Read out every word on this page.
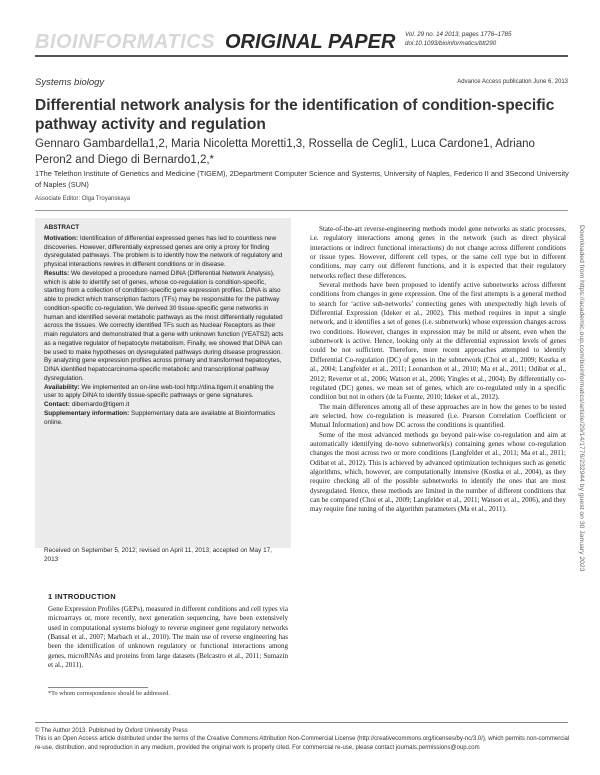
BIOINFORMATICS ORIGINAL PAPER Vol. 29 no. 14 2013, pages 1776–1785
doi:10.1093/bioinformatics/btt290
Systems biology	Advance Access publication June 6, 2013
Differential network analysis for the identification of condition-specific pathway activity and regulation
Gennaro Gambardella1,2, Maria Nicoletta Moretti1,3, Rossella de Cegli1, Luca Cardone1, Adriano Peron2 and Diego di Bernardo1,2,*
1The Telethon Institute of Genetics and Medicine (TIGEM), 2Department Computer Science and Systems, University of Naples, Federico II and 3Second University of Naples (SUN)
Associate Editor: Olga Troyanskaya

ABSTRACT

Motivation: Identification of differential expressed genes has led to countless new discoveries. However, differentially expressed genes are only a proxy for finding dysregulated pathways. The problem is to identify how the network of regulatory and physical interactions rewires in different conditions or in disease.

Results: We developed a procedure named DINA (DIfferential Network Analysis), which is able to identify set of genes, whose co-regulation is condition-specific, starting from a collection of condition-specific gene expression profiles. DINA is also able to predict which transcription factors (TFs) may be responsible for the pathway condition-specific co-regulation. We derived 30 tissue-specific gene networks in human and identified several metabolic pathways as the most differentially regulated across the tissues. We correctly identified TFs such as Nuclear Receptors as their main regulators and demonstrated that a gene with unknown function (YEATS2) acts as a negative regulator of hepatocyte metabolism. Finally, we showed that DINA can be used to make hypotheses on dysregulated pathways during disease progression. By analyzing gene expression profiles across primary and transformed hepatocytes, DINA identified hepatocarcinoma-specific metabolic and transcriptional pathway dysregulation.

Availability: We implemented an on-line web-tool http://dina.tigem.it enabling the user to apply DINA to identify tissue-specific pathways or gene signatures.

Contact: dibernardo@tigem.it

Supplementary information: Supplementary data are available at Bioinformatics online.

Received on September 5, 2012; revised on April 11, 2013; accepted on May 17, 2013
1 INTRODUCTION
Gene Expression Profiles (GEPs), measured in different conditions and cell types via microarrays or, more recently, next generation sequencing, have been extensively used in computational systems biology to reverse engineer gene regulatory networks (Bansal et al., 2007; Marbach et al., 2010). The main use of reverse engineering has been the identification of unknown regulatory or functional interactions among genes, microRNAs and proteins from large datasets (Belcastro et al., 2011; Sumazin et al., 2011).
*To whom correspondence should be addressed.

State-of-the-art reverse-engineering methods model gene networks as static processes, i.e. regulatory interactions among genes in the network (such as direct physical interactions or indirect functional interactions) do not change across different conditions or tissue types. However, different cell types, or the same cell type but in different conditions, may carry out different functions, and it is expected that their regulatory networks reflect these differences.

Several methods have been proposed to identify active subnetworks across different conditions from changes in gene expression. One of the first attempts is a general method to search for ‘active sub-networks’ connecting genes with unexpectedly high levels of Differential Expression (Ideker et al., 2002). This method requires in input a single network, and it identifies a set of genes (i.e. subnetwork) whose expression changes across two conditions. However, changes in expression may be mild or absent, even when the subnetwork is active. Hence, looking only at the differential expression levels of genes could be not sufficient. Therefore, more recent approaches attempted to identify Differential Co-regulation (DC) of genes in the subnetwork (Choi et al., 2009; Kostka et al., 2004; Langfelder et al., 2011; Leonardson et al., 2010; Ma et al., 2011; Odibat et al., 2012; Reverter et al., 2006; Watson et al., 2006; Yingles et al., 2004). By differentially co-regulated (DC) genes, we mean set of genes, which are co-regulated only in a specific condition but not in others (de la Fuente, 2010; Ideker et al., 2012).

The main differences among all of these approaches are in how the genes to be tested are selected, how co-regulation is measured (i.e. Pearson Correlation Coefficient or Mutual Information) and how DC across the conditions is quantified.

Some of the most advanced methods go beyond pair-wise co-regulation and aim at automatically identifying de-novo subnetwork(s) containing genes whose co-regulation changes the most across two or more conditions (Langfelder et al., 2011; Ma et al., 2011; Odibat et al., 2012). This is achieved by advanced optimization techniques such as genetic algorithms, which, however, are computationally intensive (Kostka et al., 2004), as they require checking all of the possible subnetworks to identify the ones that are most dysregulated. Hence, these methods are limited in the number of different conditions that can be compared (Choi et al., 2009; Langfelder et al., 2011; Watson et al., 2006), and they may require fine tuning of the algorithm parameters (Ma et al., 2011).

© The Author 2013. Published by Oxford University Press
This is an Open Access article distributed under the terms of the Creative Commons Attribution Non-Commercial License (http://creativecommons.org/licenses/by-nc/3.0/), which permits non-commercial re-use, distribution, and reproduction in any medium, provided the original work is properly cited. For commercial re-use, please contact journals.permissions@oup.com
Downloaded from https://academic.oup.com/bioinformatics/article/29/14/1776/232944 by guest on 30 January 2023
